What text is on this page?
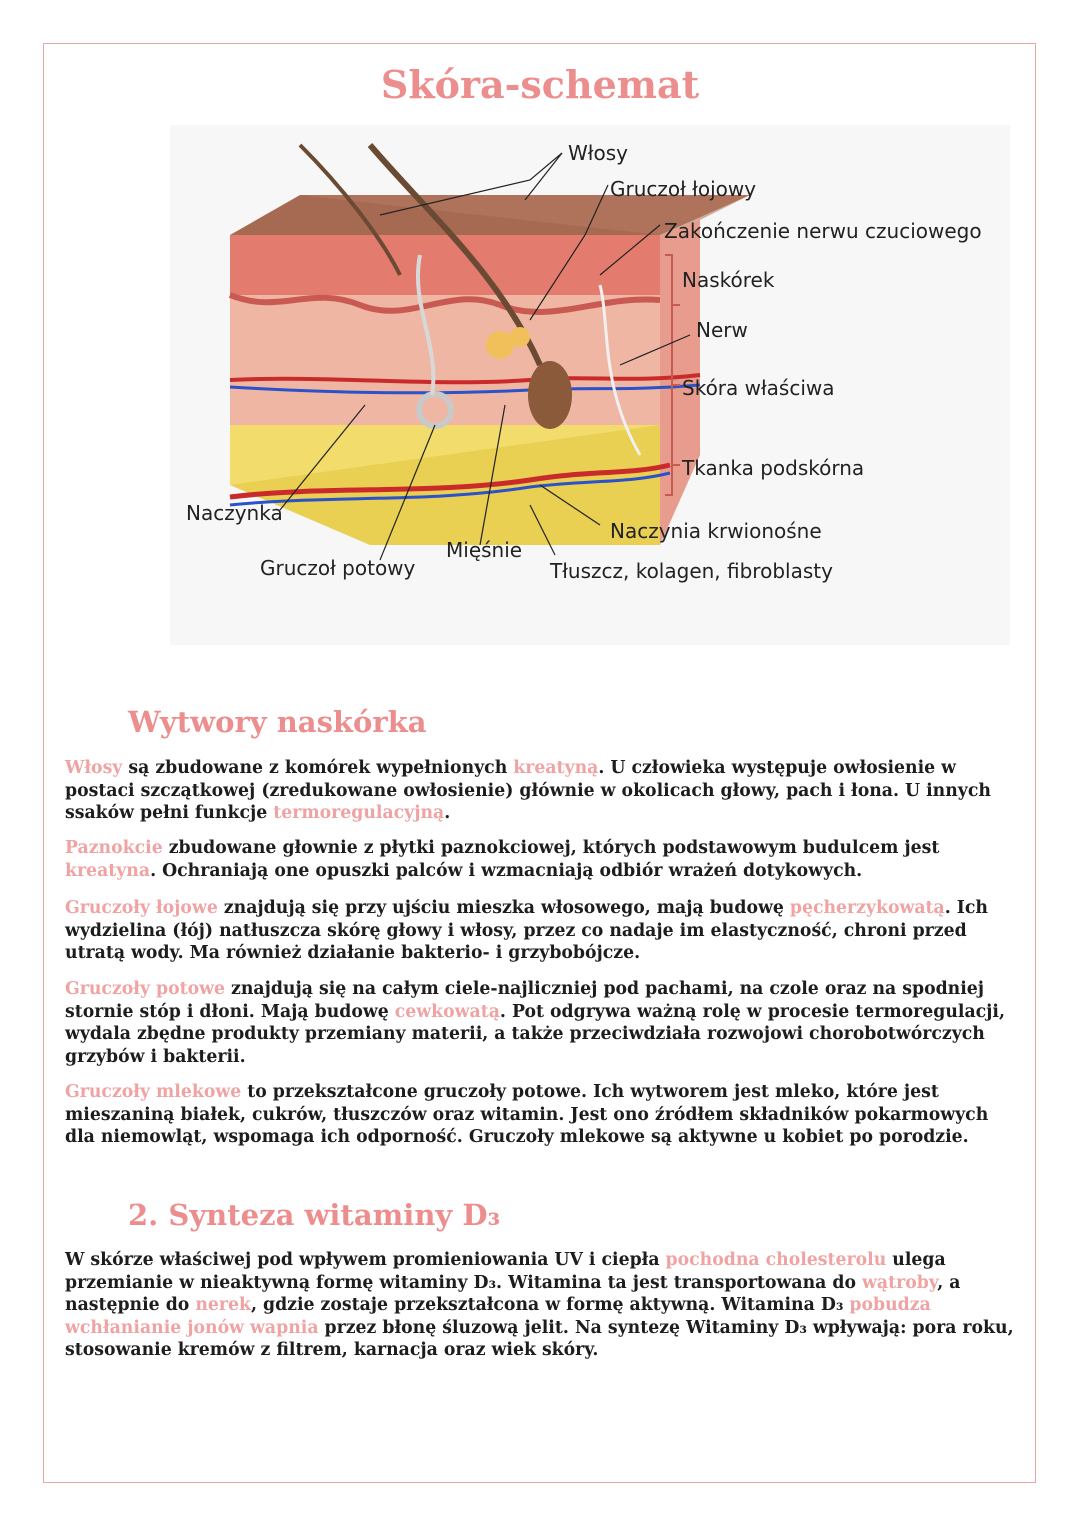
Skóra-schemat
Włosy
Gruczoł łojowy
Zakończenie nerwu czuciowego
Naskórek
Nerw
Skóra właściwa
Tkanka podskórna
Naczynka
Gruczoł potowy
Mięśnie
Naczynia krwionośne
Tłuszcz, kolagen, fibroblasty
Wytwory naskórka

Włosy są zbudowane z komórek wypełnionych kreatyną. U człowieka występuje owłosienie w postaci szczątkowej (zredukowane owłosienie) głównie w okolicach głowy, pach i łona. U innych ssaków pełni funkcje termoregulacyjną.

Paznokcie zbudowane głownie z płytki paznokciowej, których podstawowym budulcem jest kreatyna. Ochraniają one opuszki palców i wzmacniają odbiór wrażeń dotykowych.

Gruczoły łojowe znajdują się przy ujściu mieszka włosowego, mają budowę pęcherzykowatą. Ich wydzielina (łój) natłuszcza skórę głowy i włosy, przez co nadaje im elastyczność, chroni przed utratą wody. Ma również działanie bakterio- i grzybobójcze.

Gruczoły potowe znajdują się na całym ciele-najliczniej pod pachami, na czole oraz na spodniej stornie stóp i dłoni. Mają budowę cewkowatą. Pot odgrywa ważną rolę w procesie termoregulacji, wydala zbędne produkty przemiany materii, a także przeciwdziała rozwojowi chorobotwórczych grzybów i bakterii.

Gruczoły mlekowe to przekształcone gruczoły potowe. Ich wytworem jest mleko, które jest mieszaniną białek, cukrów, tłuszczów oraz witamin. Jest ono źródłem składników pokarmowych dla niemowląt, wspomaga ich odporność. Gruczoły mlekowe są aktywne u kobiet po porodzie.

2. Synteza witaminy D₃

W skórze właściwej pod wpływem promieniowania UV i ciepła pochodna cholesterolu ulega przemianie w nieaktywną formę witaminy D₃. Witamina ta jest transportowana do wątroby, a następnie do nerek, gdzie zostaje przekształcona w formę aktywną. Witamina D₃ pobudza wchłanianie jonów wapnia przez błonę śluzową jelit. Na syntezę Witaminy D₃ wpływają: pora roku, stosowanie kremów z filtrem, karnacja oraz wiek skóry.
